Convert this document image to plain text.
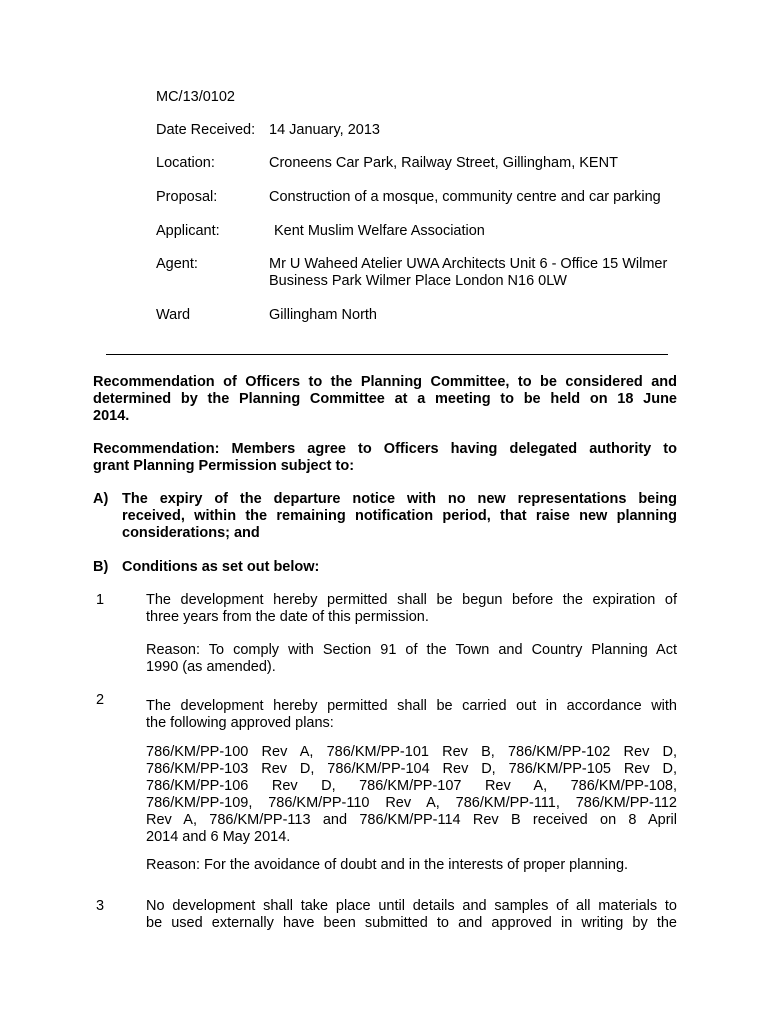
MC/13/0102
Date Received: 14 January, 2013
Location:	Croneens Car Park, Railway Street, Gillingham, KENT
Proposal:	Construction of a mosque, community centre and car parking
Applicant:	Kent Muslim Welfare Association
Agent:	Mr U Waheed Atelier UWA Architects Unit 6 - Office 15 Wilmer
Business Park Wilmer Place London N16 0LW
Ward	Gillingham North
Recommendation of Officers to the Planning Committee, to be considered and
determined by the Planning Committee at a meeting to be held on 18 June
2014.
Recommendation: Members agree to Officers having delegated authority to
grant Planning Permission subject to:
A) The expiry of the departure notice with no new representations being
received, within the remaining notification period, that raise new planning
considerations; and
B) Conditions as set out below:
1	The development hereby permitted shall be begun before the expiration of
three years from the date of this permission.
Reason: To comply with Section 91 of the Town and Country Planning Act
1990 (as amended).
2	The development hereby permitted shall be carried out in accordance with
the following approved plans:
786/KM/PP-100 Rev A, 786/KM/PP-101 Rev B, 786/KM/PP-102 Rev D,
786/KM/PP-103 Rev D, 786/KM/PP-104 Rev D, 786/KM/PP-105 Rev D,
786/KM/PP-106 Rev D, 786/KM/PP-107 Rev A, 786/KM/PP-108,
786/KM/PP-109, 786/KM/PP-110 Rev A, 786/KM/PP-111, 786/KM/PP-112
Rev A, 786/KM/PP-113 and 786/KM/PP-114 Rev B received on 8 April
2014 and 6 May 2014.
Reason: For the avoidance of doubt and in the interests of proper planning.
3	No development shall take place until details and samples of all materials to
be used externally have been submitted to and approved in writing by the
